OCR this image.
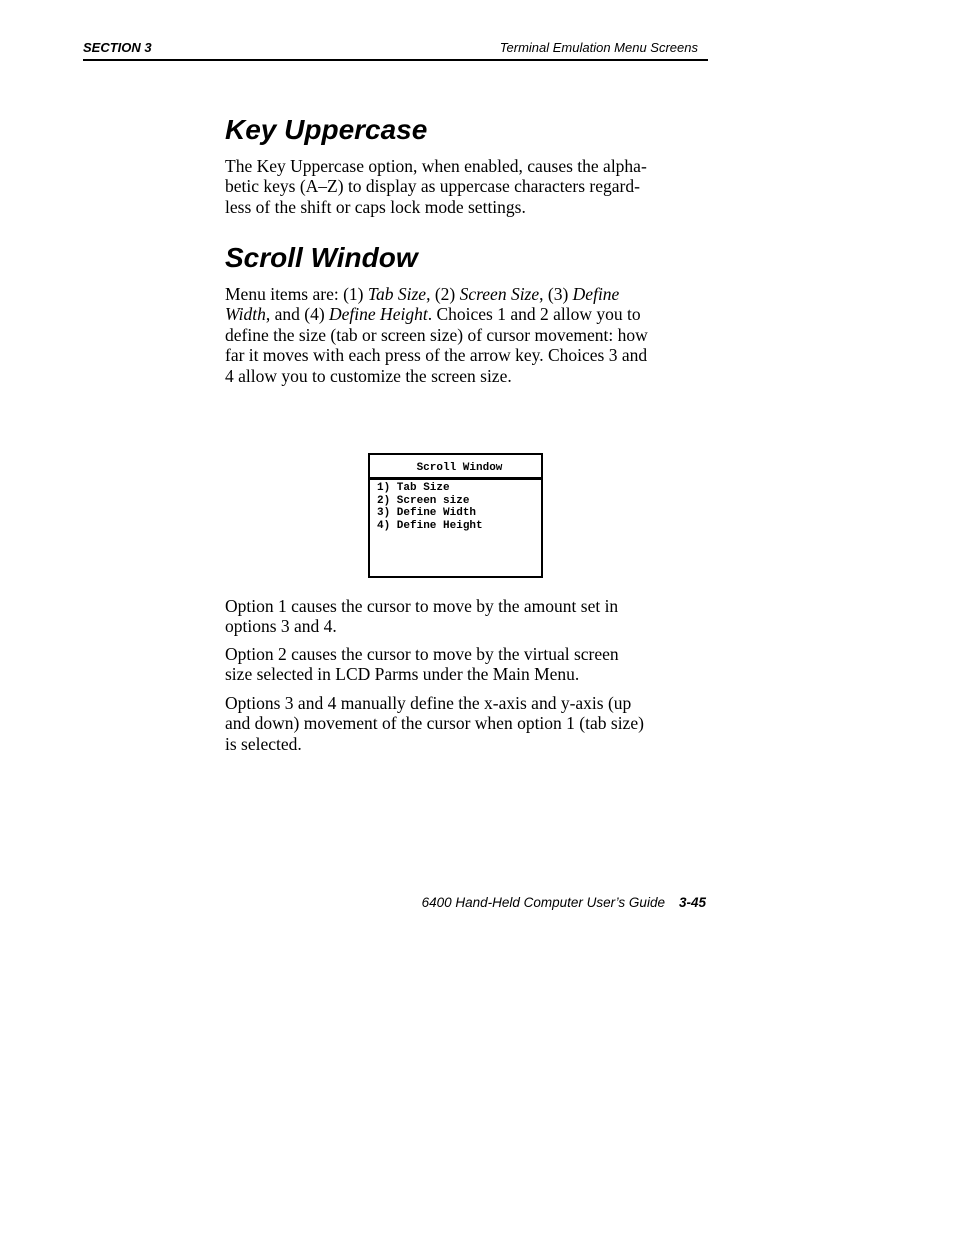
SECTION 3	Terminal Emulation Menu Screens
Key Uppercase

The Key Uppercase option, when enabled, causes the alpha-
betic keys (A–Z) to display as uppercase characters regard-
less of the shift or caps lock mode settings.

Scroll Window

Menu items are: (1) Tab Size, (2) Screen Size, (3) Define
Width, and (4) Define Height. Choices 1 and 2 allow you to
define the size (tab or screen size) of cursor movement: how
far it moves with each press of the arrow key. Choices 3 and
4 allow you to customize the screen size.

Scroll Window
1) Tab Size
2) Screen size
3) Define Width
4) Define Height

Option 1 causes the cursor to move by the amount set in
options 3 and 4.

Option 2 causes the cursor to move by the virtual screen
size selected in LCD Parms under the Main Menu.

Options 3 and 4 manually define the x-axis and y-axis (up
and down) movement of the cursor when option 1 (tab size)
is selected.

6400 Hand-Held Computer User’s Guide 3-45
